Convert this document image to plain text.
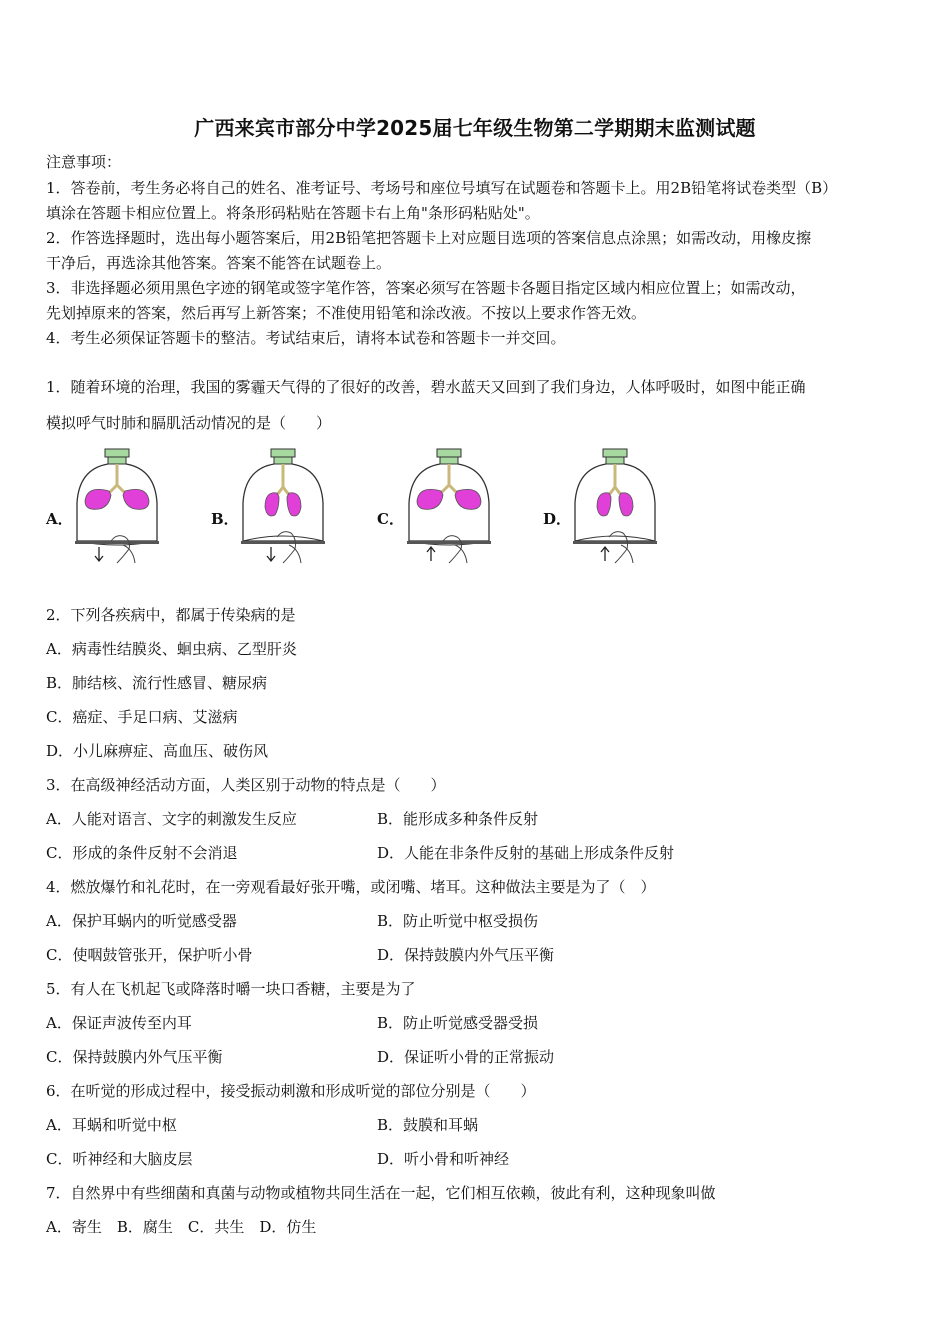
广西来宾市部分中学2025届七年级生物第二学期期末监测试题
注意事项：
1．答卷前，考生务必将自己的姓名、准考证号、考场号和座位号填写在试题卷和答题卡上。用2B铅笔将试卷类型（B）
填涂在答题卡相应位置上。将条形码粘贴在答题卡右上角"条形码粘贴处"。
2．作答选择题时，选出每小题答案后，用2B铅笔把答题卡上对应题目选项的答案信息点涂黑；如需改动，用橡皮擦
干净后，再选涂其他答案。答案不能答在试题卷上。
3．非选择题必须用黑色字迹的钢笔或签字笔作答，答案必须写在答题卡各题目指定区域内相应位置上；如需改动，
先划掉原来的答案，然后再写上新答案；不准使用铅笔和涂改液。不按以上要求作答无效。
4．考生必须保证答题卡的整洁。考试结束后，请将本试卷和答题卡一并交回。
1．随着环境的治理，我国的雾霾天气得的了很好的改善，碧水蓝天又回到了我们身边，人体呼吸时，如图中能正确
模拟呼气时肺和膈肌活动情况的是（　　）
A．	B．	C．	D．
2．下列各疾病中，都属于传染病的是
A．病毒性结膜炎、蛔虫病、乙型肝炎
B．肺结核、流行性感冒、糖尿病
C．癌症、手足口病、艾滋病
D．小儿麻痹症、高血压、破伤风
3．在高级神经活动方面，人类区别于动物的特点是（　　）
A．人能对语言、文字的刺激发生反应	B．能形成多种条件反射
C．形成的条件反射不会消退	D．人能在非条件反射的基础上形成条件反射
4．燃放爆竹和礼花时，在一旁观看最好张开嘴，或闭嘴、堵耳。这种做法主要是为了（　）
A．保护耳蜗内的听觉感受器	B．防止听觉中枢受损伤
C．使咽鼓管张开，保护听小骨	D．保持鼓膜内外气压平衡
5．有人在飞机起飞或降落时嚼一块口香糖，主要是为了
A．保证声波传至内耳	B．防止听觉感受器受损
C．保持鼓膜内外气压平衡	D．保证听小骨的正常振动
6．在听觉的形成过程中，接受振动刺激和形成听觉的部位分别是（　　）
A．耳蜗和听觉中枢	B．鼓膜和耳蜗
C．听神经和大脑皮层	D．听小骨和听神经
7．自然界中有些细菌和真菌与动物或植物共同生活在一起，它们相互依赖，彼此有利，这种现象叫做
A．寄生　B．腐生　C．共生　D．仿生
